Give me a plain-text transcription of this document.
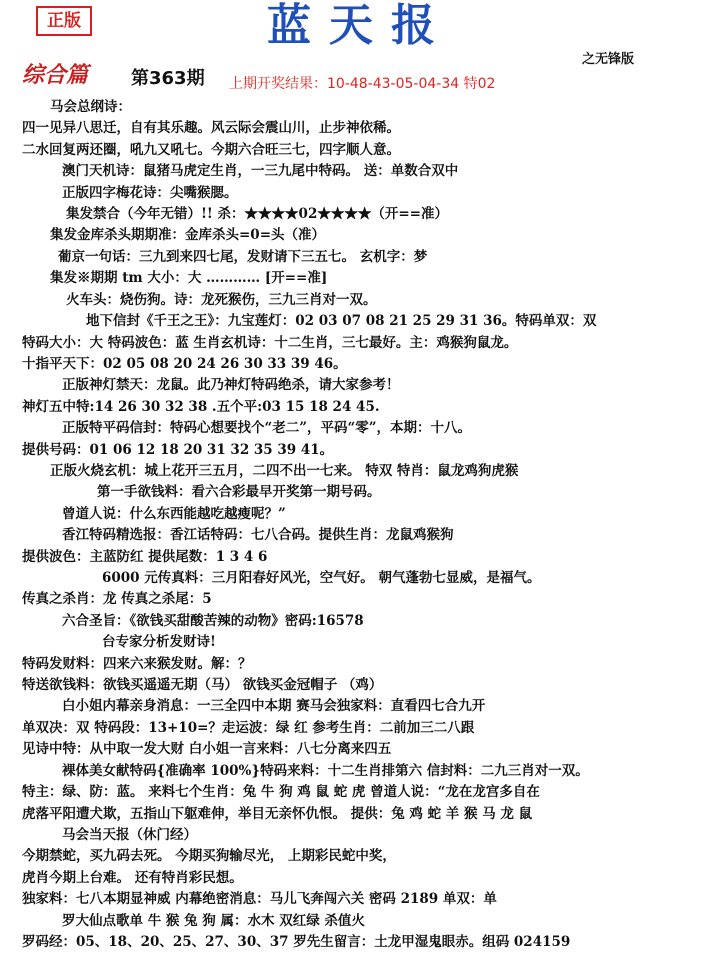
正版	蓝天报
之无锋版
综合篇 第363期 上期开奖结果：10-48-43-05-04-34 特02
马会总纲诗：
四一见异八思迁，自有其乐趣。风云际会震山川，止步神依稀。
二水回复两还圈，吼九又吼七。今期六合旺三七，四字顺人意。
澳门天机诗：鼠猪马虎定生肖，一三九尾中特码。 送：单数合双中
正版四字梅花诗：尖嘴猴腮。
集发禁合（今年无错）!! 杀：★★★★02★★★★（开==准）
集发金库杀头期期准：金库杀头=0=头（准）
葡京一句话：三九到来四七尾，发财请下三五七。 玄机字：梦
集发※期期 tm 大小：大 ………… [开==准]
火车头：烧伤狗。诗：龙死猴伤，三九三肖对一双。
地下信封《千王之王》：九宝莲灯：02 03 07 08 21 25 29 31 36。特码单双：双
特码大小：大 特码波色：蓝 生肖玄机诗：十二生肖，三七最好。主：鸡猴狗鼠龙。
十指平天下：02 05 08 20 24 26 30 33 39 46。
正版神灯禁天：龙鼠。此乃神灯特码绝杀，请大家参考！
神灯五中特:14 26 30 32 38 .五个平:03 15 18 24 45.
正版特平码信封：特码心想要找个“老二”，平码“零”，本期：十八。
提供号码：01 06 12 18 20 31 32 35 39 41。
正版火烧玄机：城上花开三五月，二四不出一七来。 特双 特肖：鼠龙鸡狗虎猴
第一手欲钱料：看六合彩最早开奖第一期号码。
曾道人说：什么东西能越吃越瘦呢？”
香江特码精选报：香江话特码：七八合码。提供生肖：龙鼠鸡猴狗
提供波色：主蓝防红 提供尾数：1 3 4 6
6000 元传真料：三月阳春好风光，空气好。 朝气蓬勃七显威，是福气。
传真之杀肖：龙 传真之杀尾：5
六合圣旨：《欲钱买甜酸苦辣的动物》密码:16578
台专家分析发财诗!
特码发财料：四来六来猴发财。解：？
特送欲钱料：欲钱买遥遥无期（马） 欲钱买金冠帽子 （鸡）
白小姐内幕亲身消息：一三全四中本期 赛马会独家料：直看四七合九开
单双决：双 特码段：13+10=？走运波：绿 红 参考生肖：二前加三二八跟
见诗中特：从中取一发大财 白小姐一言来料：八七分离来四五
裸体美女献特码{准确率 100%}特码来料：十二生肖排第六 信封料：二九三肖对一双。
特主：绿、防：蓝。 来料七个生肖：兔 牛 狗 鸡 鼠 蛇 虎 曾道人说：“龙在龙宫多自在
虎落平阳遭犬欺，五指山下躯难伸，举目无亲怀仇恨。 提供：兔 鸡 蛇 羊 猴 马 龙 鼠
马会当天报（休门经）
今期禁蛇，买九码去死。 今期买狗输尽光， 上期彩民蛇中奖，
虎肖今期上台难。 还有特肖彩民想。
独家料：七八本期显神威 内幕绝密消息：马儿飞奔闯六关 密码 2189 单双：单
罗大仙点歌单 牛 猴 兔 狗 属：水木 双红绿 杀值火
罗码经：05、18、20、25、27、30、37 罗先生留言：土龙甲湿鬼眼赤。组码 024159
